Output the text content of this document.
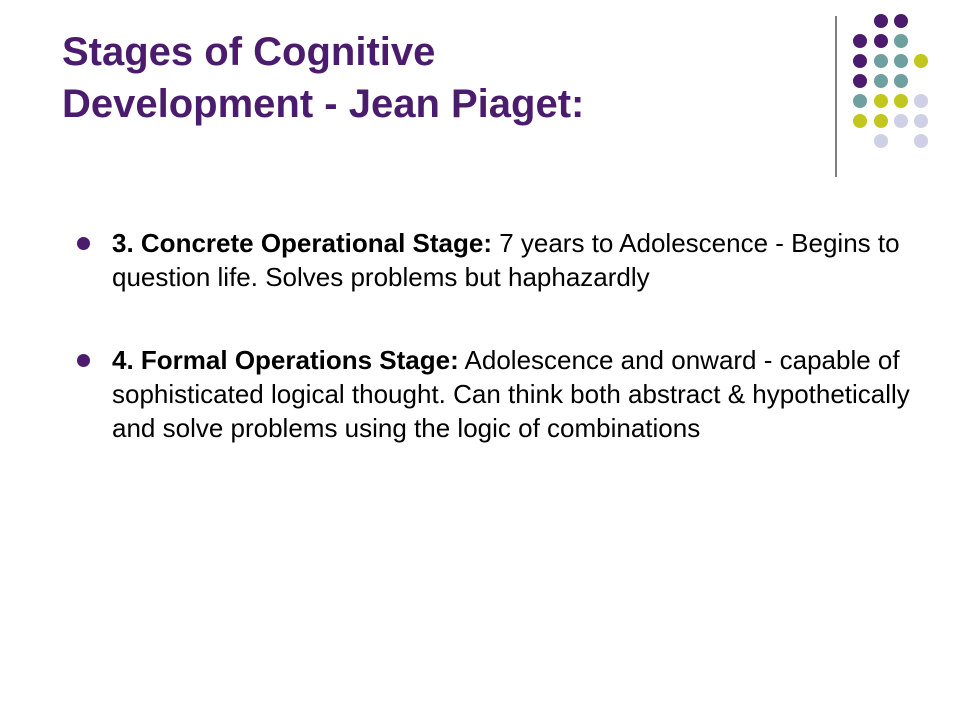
Stages of Cognitive
Development - Jean Piaget:
3. Concrete Operational Stage: 7 years to Adolescence - Begins to question life. Solves problems but haphazardly
4. Formal Operations Stage: Adolescence and onward - capable of sophisticated logical thought. Can think both abstract & hypothetically and solve problems using the logic of combinations
